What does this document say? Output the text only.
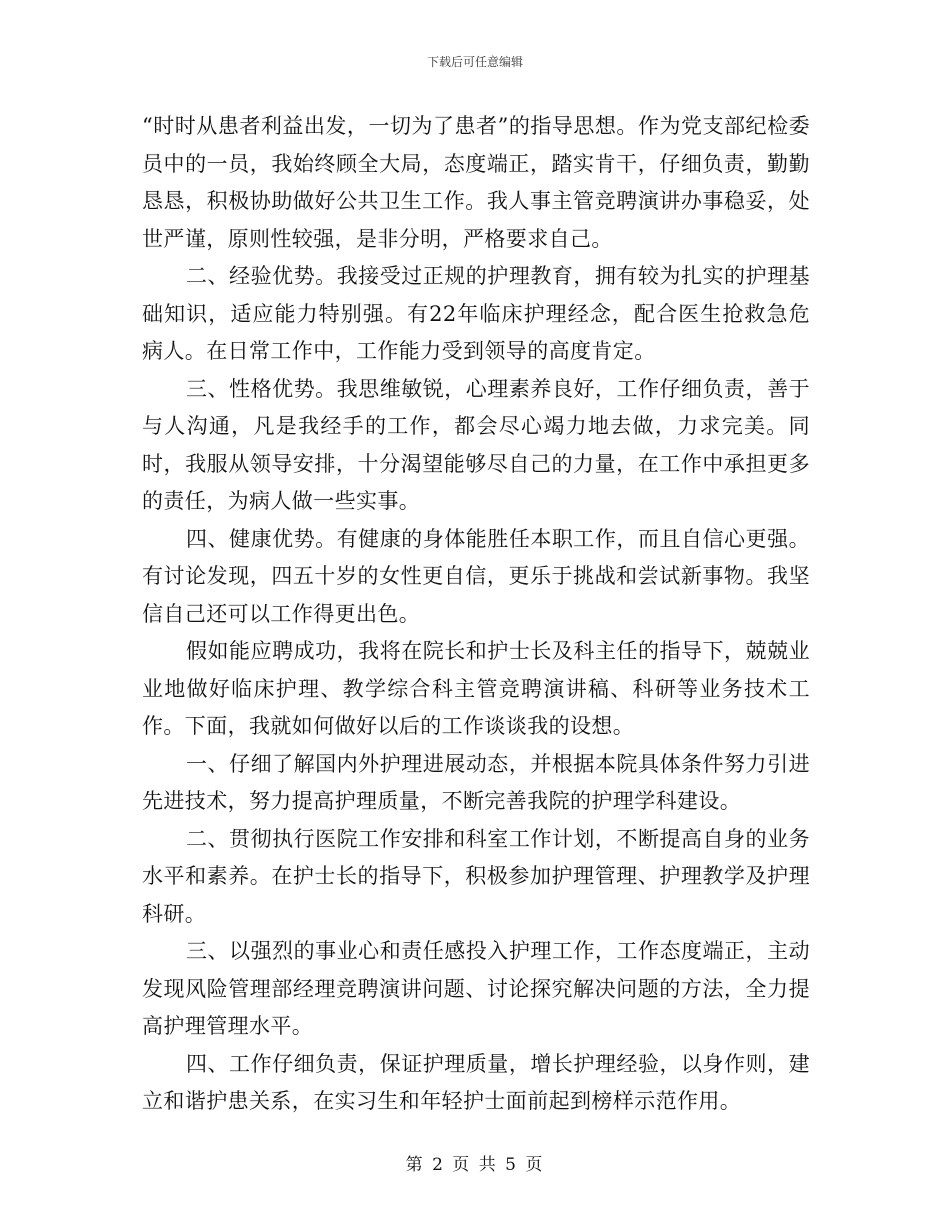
下载后可任意编辑

“时时从患者利益出发，一切为了患者”的指导思想。作为党支部纪检委员中的一员，我始终顾全大局，态度端正，踏实肯干，仔细负责，勤勤恳恳，积极协助做好公共卫生工作。我人事主管竞聘演讲办事稳妥，处世严谨，原则性较强，是非分明，严格要求自己。

二、经验优势。我接受过正规的护理教育，拥有较为扎实的护理基础知识，适应能力特别强。有22年临床护理经念，配合医生抢救急危病人。在日常工作中，工作能力受到领导的高度肯定。

三、性格优势。我思维敏锐，心理素养良好，工作仔细负责，善于与人沟通，凡是我经手的工作，都会尽心竭力地去做，力求完美。同时，我服从领导安排，十分渴望能够尽自己的力量，在工作中承担更多的责任，为病人做一些实事。

四、健康优势。有健康的身体能胜任本职工作，而且自信心更强。有讨论发现，四五十岁的女性更自信，更乐于挑战和尝试新事物。我坚信自己还可以工作得更出色。

假如能应聘成功，我将在院长和护士长及科主任的指导下，兢兢业业地做好临床护理、教学综合科主管竞聘演讲稿、科研等业务技术工作。下面，我就如何做好以后的工作谈谈我的设想。

一、仔细了解国内外护理进展动态，并根据本院具体条件努力引进先进技术，努力提高护理质量，不断完善我院的护理学科建设。

二、贯彻执行医院工作安排和科室工作计划，不断提高自身的业务水平和素养。在护士长的指导下，积极参加护理管理、护理教学及护理科研。

三、以强烈的事业心和责任感投入护理工作，工作态度端正，主动发现风险管理部经理竞聘演讲问题、讨论探究解决问题的方法，全力提高护理管理水平。

四、工作仔细负责，保证护理质量，增长护理经验，以身作则，建立和谐护患关系，在实习生和年轻护士面前起到榜样示范作用。

第 2 页 共 5 页
